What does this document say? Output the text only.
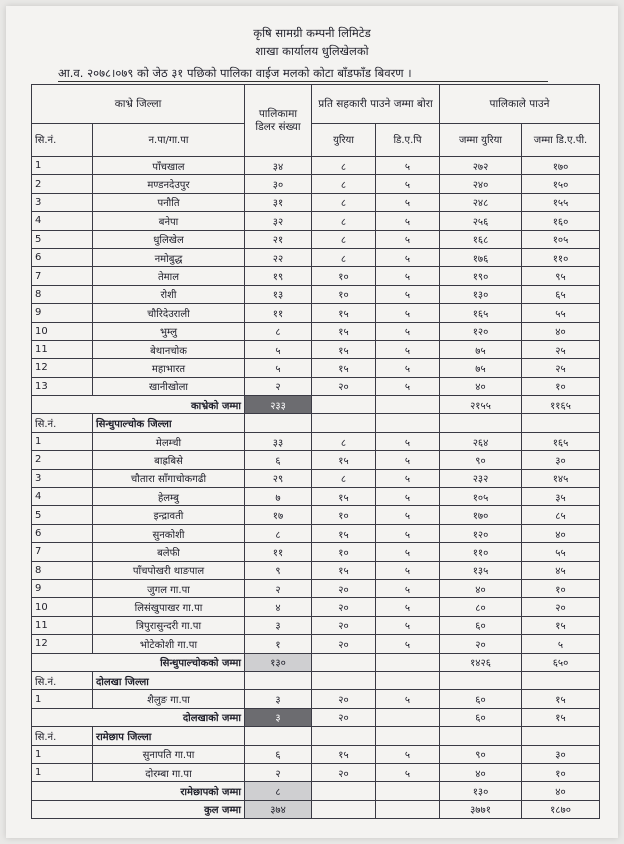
कृषि सामग्री कम्पनी लिमिटेड
शाखा कार्यालय धुलिखेलको
आ.व. २०७८।०७९ को जेठ ३१ पछिको पालिका वाईज मलको कोटा बाँडफाँड बिवरण ।
काभ्रे जिल्ला		पालिकामा डिलर संख्या	प्रति सहकारी पाउने जम्मा बोरा		पालिकाले पाउने	
सि.नं.	न.पा/गा.पा		युरिया	डि.ए.पि	जम्मा युरिया	जम्मा डि.ए.पी.
1	पाँचखाल	३४	८	५	२७२	१७०
2	मण्डनदेउपुर	३०	८	५	२४०	१५०
3	पनौति	३१	८	५	२४८	१५५
4	बनेपा	३२	८	५	२५६	१६०
5	धुलिखेल	२१	८	५	१६८	१०५
6	नमोबुद्ध	२२	८	५	१७६	११०
7	तेमाल	१९	१०	५	१९०	९५
8	रोशी	१३	१०	५	१३०	६५
9	चौरिदेउराली	११	१५	५	१६५	५५
10	भुम्लु	८	१५	५	१२०	४०
11	बेथानचोक	५	१५	५	७५	२५
12	महाभारत	५	१५	५	७५	२५
13	खानीखोला	२	२०	५	४०	१०
काभ्रेको जम्मा		२३३			२१५५	११६५
सि.नं.	सिन्धुपाल्चोक जिल्ला					
1	मेलम्ची	३३	८	५	२६४	१६५
2	बाह्रबिसे	६	१५	५	९०	३०
3	चौतारा साँगाचोकगढी	२९	८	५	२३२	१४५
4	हेलम्बु	७	१५	५	१०५	३५
5	इन्द्रावती	१७	१०	५	१७०	८५
6	सुनकोशी	८	१५	५	१२०	४०
7	बलेफी	११	१०	५	११०	५५
8	पाँचपोखरी थाङपाल	९	१५	५	१३५	४५
9	जुगल गा.पा	२	२०	५	४०	१०
10	लिसंखुपाखर गा.पा	४	२०	५	८०	२०
11	त्रिपुरासुन्दरी गा.पा	३	२०	५	६०	१५
12	भोटेकोशी गा.पा	१	२०	५	२०	५
सिन्धुपाल्चोकको जम्मा		१३०			१४२६	६५०
सि.नं.	दोलखा जिल्ला					
1	शैलुङ गा.पा	३	२०	५	६०	१५
दोलखाको जम्मा		३	२०		६०	१५
सि.नं.	रामेछाप जिल्ला					
1	सुनापति गा.पा	६	१५	५	९०	३०
1	दोरम्बा गा.पा	२	२०	५	४०	१०
रामेछापको जम्मा		८			१३०	४०
कुल जम्मा		३७४			३७७१	१८७०
